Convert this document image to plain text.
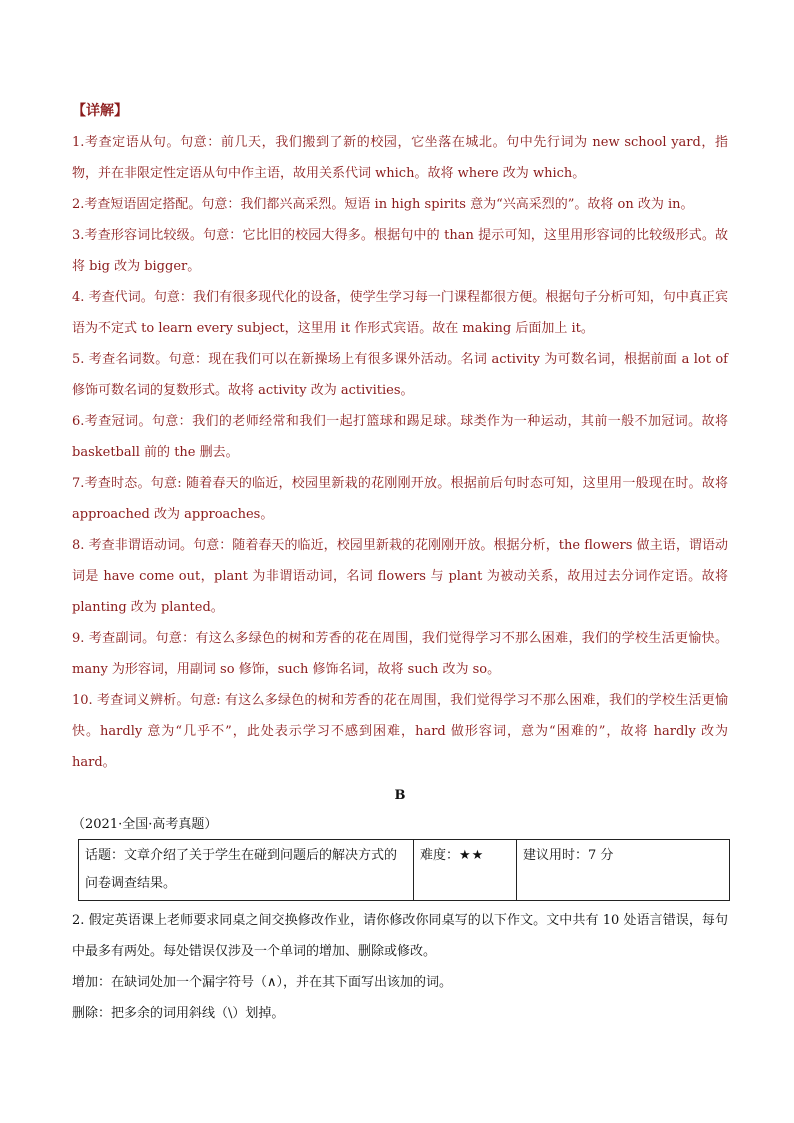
【详解】

1.考查定语从句。句意：前几天，我们搬到了新的校园，它坐落在城北。句中先行词为 new school yard，指物，并在非限定性定语从句中作主语，故用关系代词 which。故将 where 改为 which。

2.考查短语固定搭配。句意：我们都兴高采烈。短语 in high spirits 意为“兴高采烈的”。故将 on 改为 in。

3.考查形容词比较级。句意：它比旧的校园大得多。根据句中的 than 提示可知，这里用形容词的比较级形式。故将 big 改为 bigger。

4. 考查代词。句意：我们有很多现代化的设备，使学生学习每一门课程都很方便。根据句子分析可知，句中真正宾语为不定式 to learn every subject，这里用 it 作形式宾语。故在 making 后面加上 it。

5. 考查名词数。句意：现在我们可以在新操场上有很多课外活动。名词 activity 为可数名词，根据前面 a lot of 修饰可数名词的复数形式。故将 activity 改为 activities。

6.考查冠词。句意：我们的老师经常和我们一起打篮球和踢足球。球类作为一种运动，其前一般不加冠词。故将 basketball 前的 the 删去。

7.考查时态。句意: 随着春天的临近，校园里新栽的花刚刚开放。根据前后句时态可知，这里用一般现在时。故将 approached 改为 approaches。

8. 考查非谓语动词。句意：随着春天的临近，校园里新栽的花刚刚开放。根据分析，the flowers 做主语，谓语动词是 have come out，plant 为非谓语动词，名词 flowers 与 plant 为被动关系，故用过去分词作定语。故将 planting 改为 planted。

9. 考查副词。句意：有这么多绿色的树和芳香的花在周围，我们觉得学习不那么困难，我们的学校生活更愉快。many 为形容词，用副词 so 修饰，such 修饰名词，故将 such 改为 so。

10. 考查词义辨析。句意: 有这么多绿色的树和芳香的花在周围，我们觉得学习不那么困难，我们的学校生活更愉快。hardly 意为“几乎不”，此处表示学习不感到困难，hard 做形容词，意为“困难的”，故将 hardly 改为 hard。

B
（2021·全国·高考真题）
话题：文章介绍了关于学生在碰到问题后的解决方式的问卷调查结果。	难度：★★	建议用时：7 分

2. 假定英语课上老师要求同桌之间交换修改作业，请你修改你同桌写的以下作文。文中共有 10 处语言错误，每句中最多有两处。每处错误仅涉及一个单词的增加、删除或修改。

增加：在缺词处加一个漏字符号（∧），并在其下面写出该加的词。

删除：把多余的词用斜线（\）划掉。
